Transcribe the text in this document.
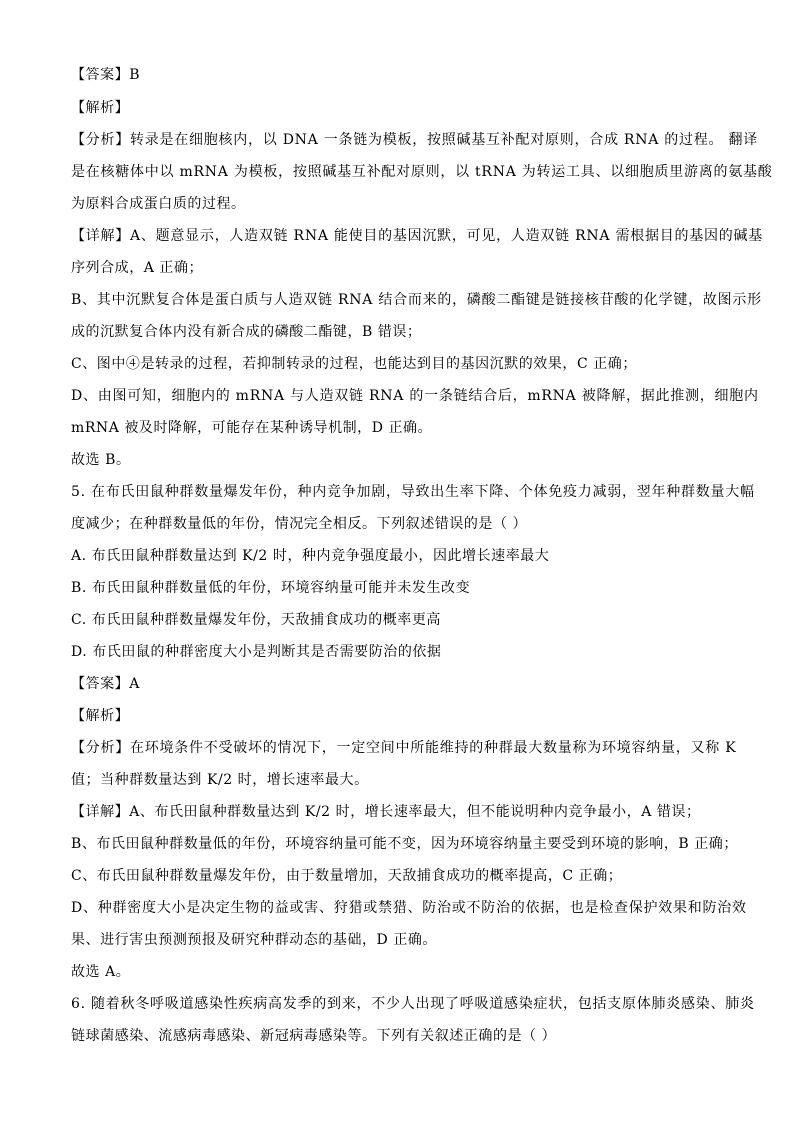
【答案】B
【解析】
【分析】转录是在细胞核内，以 DNA 一条链为模板，按照碱基互补配对原则，合成 RNA 的过程。 翻译
是在核糖体中以 mRNA 为模板，按照碱基互补配对原则，以 tRNA 为转运工具、以细胞质里游离的氨基酸
为原料合成蛋白质的过程。
【详解】A、题意显示，人造双链 RNA 能使目的基因沉默，可见，人造双链 RNA 需根据目的基因的碱基
序列合成，A 正确；
B、其中沉默复合体是蛋白质与人造双链 RNA 结合而来的，磷酸二酯键是链接核苷酸的化学键，故图示形
成的沉默复合体内没有新合成的磷酸二酯键，B 错误；
C、图中④是转录的过程，若抑制转录的过程，也能达到目的基因沉默的效果，C 正确；
D、由图可知，细胞内的 mRNA 与人造双链 RNA 的一条链结合后，mRNA 被降解，据此推测，细胞内
mRNA 被及时降解，可能存在某种诱导机制，D 正确。
故选 B。
5. 在布氏田鼠种群数量爆发年份，种内竞争加剧，导致出生率下降、个体免疫力减弱，翌年种群数量大幅
度减少；在种群数量低的年份，情况完全相反。下列叙述错误的是（ ）
A. 布氏田鼠种群数量达到 K/2 时，种内竞争强度最小，因此增长速率最大
B. 布氏田鼠种群数量低的年份，环境容纳量可能并未发生改变
C. 布氏田鼠种群数量爆发年份，天敌捕食成功的概率更高
D. 布氏田鼠的种群密度大小是判断其是否需要防治的依据
【答案】A
【解析】
【分析】在环境条件不受破坏的情况下，一定空间中所能维持的种群最大数量称为环境容纳量，又称 K
值；当种群数量达到 K/2 时，增长速率最大。
【详解】A、布氏田鼠种群数量达到 K/2 时，增长速率最大，但不能说明种内竞争最小，A 错误；
B、布氏田鼠种群数量低的年份，环境容纳量可能不变，因为环境容纳量主要受到环境的影响，B 正确；
C、布氏田鼠种群数量爆发年份，由于数量增加，天敌捕食成功的概率提高，C 正确；
D、种群密度大小是决定生物的益或害、狩猎或禁猎、防治或不防治的依据，也是检查保护效果和防治效
果、进行害虫预测预报及研究种群动态的基础，D 正确。
故选 A。
6. 随着秋冬呼吸道感染性疾病高发季的到来，不少人出现了呼吸道感染症状，包括支原体肺炎感染、肺炎
链球菌感染、流感病毒感染、新冠病毒感染等。下列有关叙述正确的是（ ）
